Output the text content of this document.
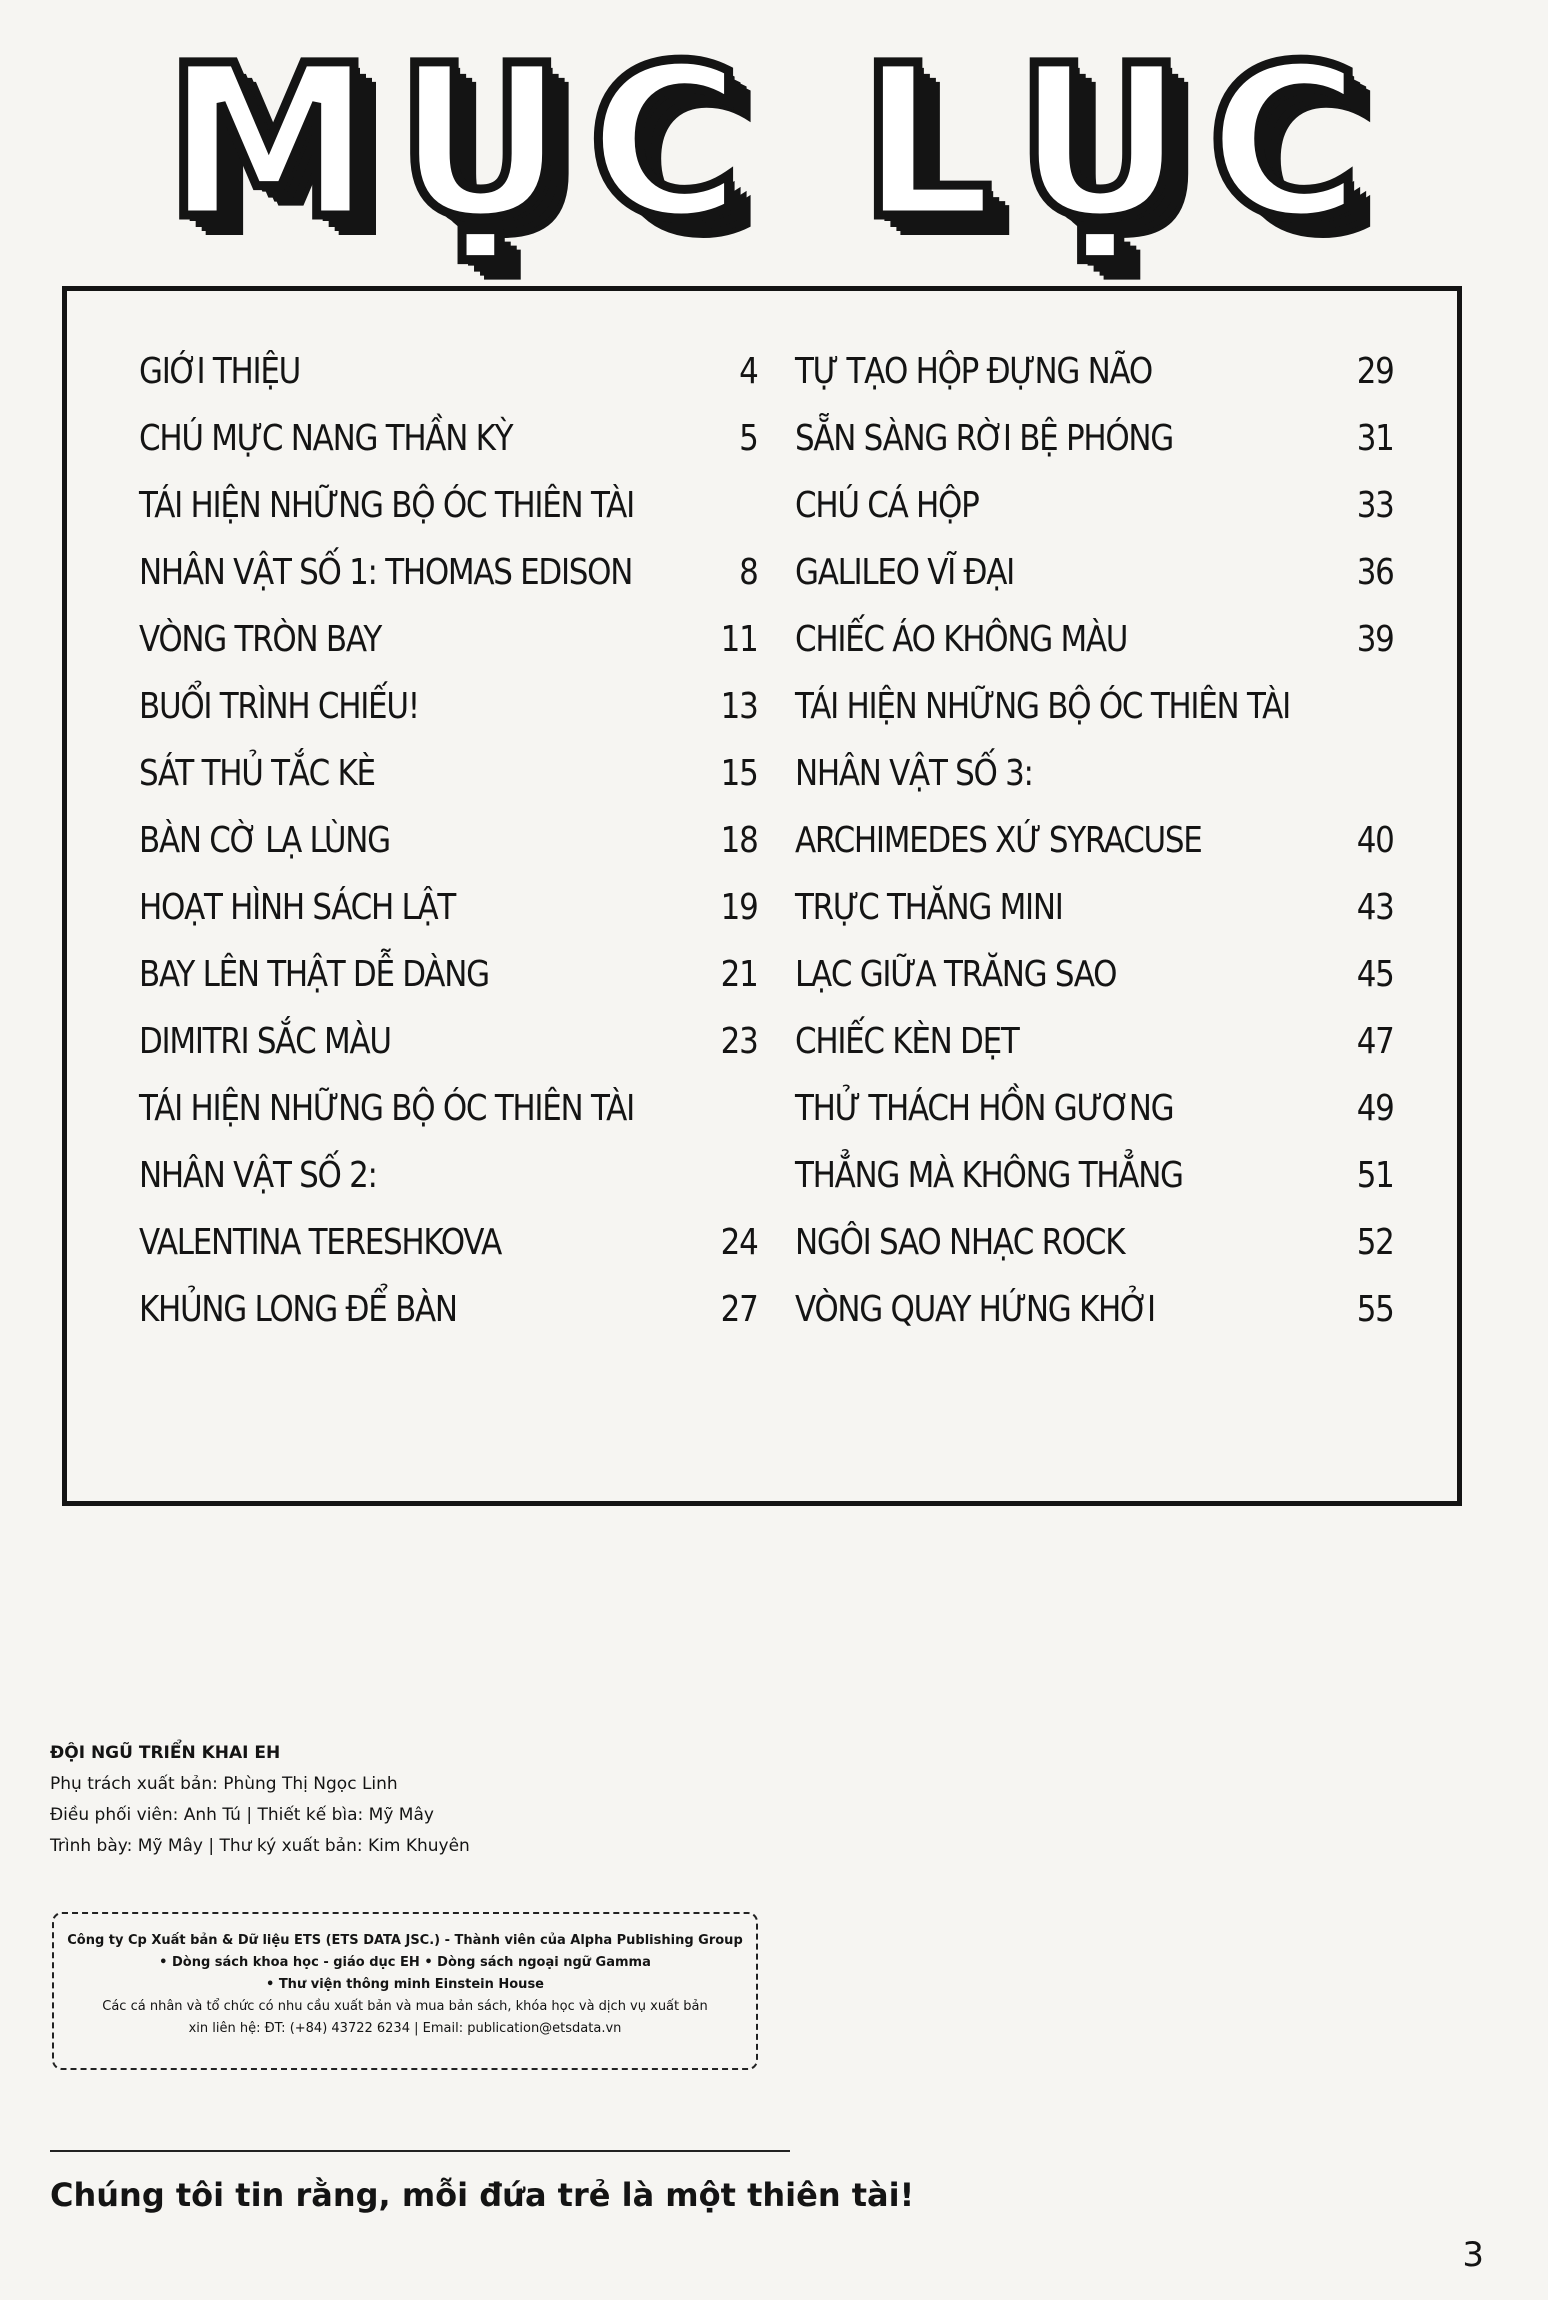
MỤC LỤC
GIỚI THIỆU	4
CHÚ MỰC NANG THẦN KỲ	5
TÁI HIỆN NHỮNG BỘ ÓC THIÊN TÀI
NHÂN VẬT SỐ 1: THOMAS EDISON	8
VÒNG TRÒN BAY	11
BUỔI TRÌNH CHIẾU!	13
SÁT THỦ TẮC KÈ	15
BÀN CỜ LẠ LÙNG	18
HOẠT HÌNH SÁCH LẬT	19
BAY LÊN THẬT DỄ DÀNG	21
DIMITRI SẮC MÀU	23
TÁI HIỆN NHỮNG BỘ ÓC THIÊN TÀI
NHÂN VẬT SỐ 2:
VALENTINA TERESHKOVA	24
KHỦNG LONG ĐỂ BÀN	27
TỰ TẠO HỘP ĐỰNG NÃO	29
SẴN SÀNG RỜI BỆ PHÓNG	31
CHÚ CÁ HỘP	33
GALILEO VĨ ĐẠI	36
CHIẾC ÁO KHÔNG MÀU	39
TÁI HIỆN NHỮNG BỘ ÓC THIÊN TÀI
NHÂN VẬT SỐ 3:
ARCHIMEDES XỨ SYRACUSE	40
TRỰC THĂNG MINI	43
LẠC GIỮA TRĂNG SAO	45
CHIẾC KÈN DẸT	47
THỬ THÁCH HỒN GƯƠNG	49
THẲNG MÀ KHÔNG THẲNG	51
NGÔI SAO NHẠC ROCK	52
VÒNG QUAY HỨNG KHỞI	55
ĐỘI NGŨ TRIỂN KHAI EH
Phụ trách xuất bản: Phùng Thị Ngọc Linh
Điều phối viên: Anh Tú | Thiết kế bìa: Mỹ Mây
Trình bày: Mỹ Mây | Thư ký xuất bản: Kim Khuyên
Công ty Cp Xuất bản & Dữ liệu ETS (ETS DATA JSC.) - Thành viên của Alpha Publishing Group
• Dòng sách khoa học - giáo dục EH • Dòng sách ngoại ngữ Gamma
• Thư viện thông minh Einstein House
Các cá nhân và tổ chức có nhu cầu xuất bản và mua bản sách, khóa học và dịch vụ xuất bản
xin liên hệ: ĐT: (+84) 43722 6234 | Email: publication@etsdata.vn
Chúng tôi tin rằng, mỗi đứa trẻ là một thiên tài!
3
